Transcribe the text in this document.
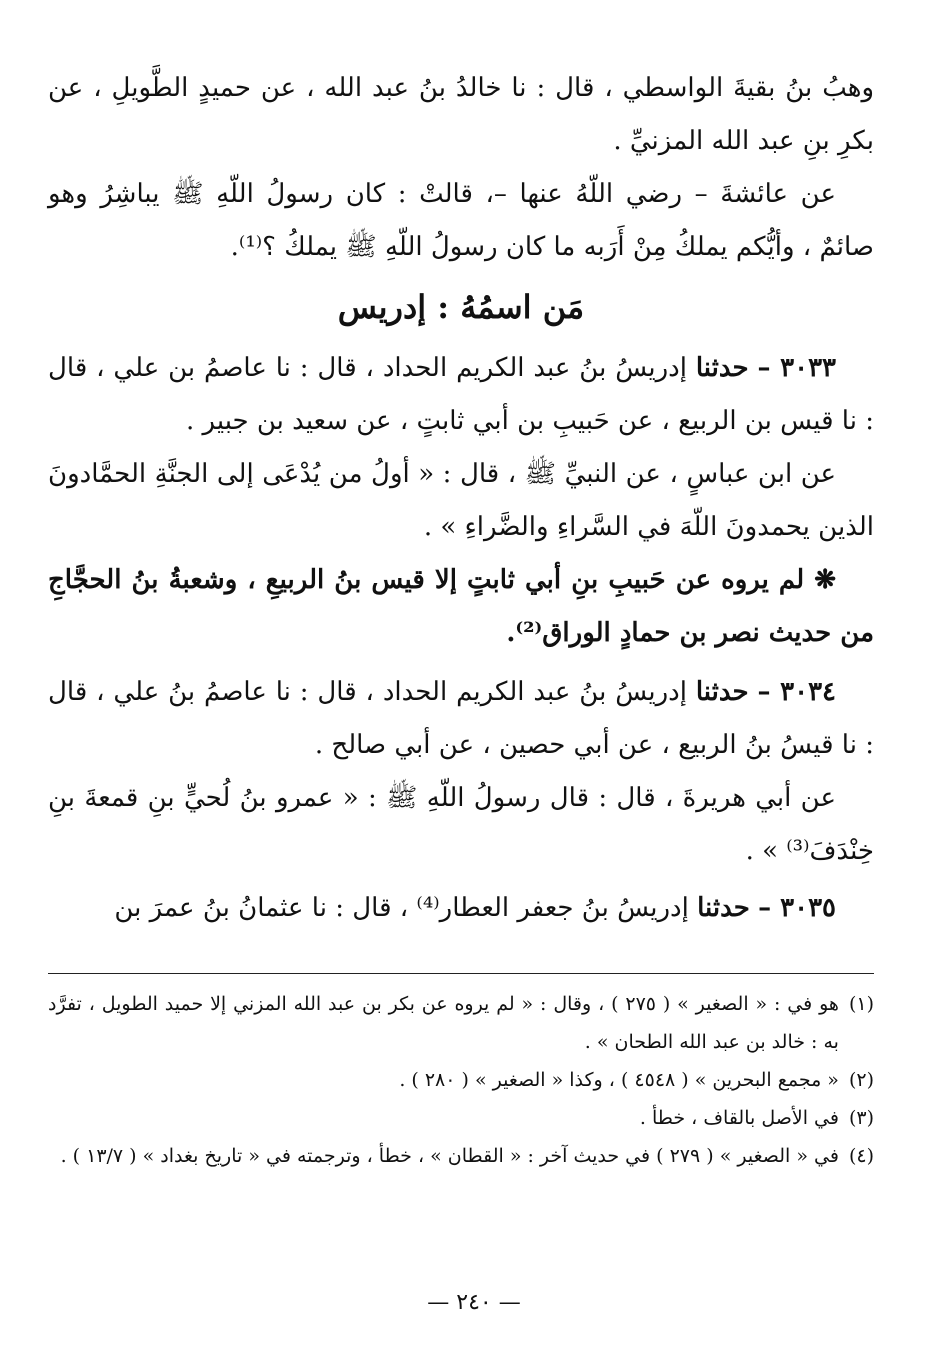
وهبُ بنُ بقيةَ الواسطي ، قال : نا خالدُ بنُ عبد الله ، عن حميدٍ الطَّويلِ ، عن بكرِ بنِ عبد الله المزنيِّ .

عن عائشةَ – رضي اللّهُ عنها –، قالتْ : كان رسولُ اللّهِ ﷺ يباشِرُ وهو صائمٌ ، وأيُّكم يملكُ مِنْ أَرَبه ما كان رسولُ اللّهِ ﷺ يملكُ ؟⁽¹⁾.

مَن اسمُهُ : إدريس

٣٠٣٣ – حدثنا إدريسُ بنُ عبد الكريم الحداد ، قال : نا عاصمُ بن علي ، قال : نا قيس بن الربيع ، عن حَبيبِ بن أبي ثابتٍ ، عن سعيد بن جبير .

عن ابن عباسٍ ، عن النبيِّ ﷺ ، قال : « أولُ من يُدْعَى إلى الجنَّةِ الحمَّادونَ الذين يحمدونَ اللّهَ في السَّراءِ والضَّراءِ » .

❋ لم يروه عن حَبيبِ بنِ أبي ثابتٍ إلا قيس بنُ الربيعِ ، وشعبةُ بنُ الحجَّاجِ من حديث نصر بن حمادٍ الوراق⁽²⁾.

٣٠٣٤ – حدثنا إدريسُ بنُ عبد الكريم الحداد ، قال : نا عاصمُ بنُ علي ، قال : نا قيسُ بنُ الربيع ، عن أبي حصين ، عن أبي صالح .

عن أبي هريرةَ ، قال : قال رسولُ اللّهِ ﷺ : « عمرو بنُ لُحيٍّ بنِ قمعةَ بنِ خِنْدَفَ⁽³⁾ » .

٣٠٣٥ – حدثنا إدريسُ بنُ جعفر العطار⁽⁴⁾ ، قال : نا عثمانُ بنُ عمرَ بن

(١)
هو في : « الصغير » ( ٢٧٥ ) ، وقال : « لم يروه عن بكر بن عبد الله المزني إلا حميد الطويل ، تفرَّد به : خالد بن عبد الله الطحان » .
(٢)
« مجمع البحرين » ( ٤٥٤٨ ) ، وكذا « الصغير » ( ٢٨٠ ) .
(٣)
في الأصل بالقاف ، خطأ .
(٤)
في « الصغير » ( ٢٧٩ ) في حديث آخر : « القطان » ، خطأ ، وترجمته في « تاريخ بغداد » ( ١٣/٧ ) .
— ٢٤٠ —
